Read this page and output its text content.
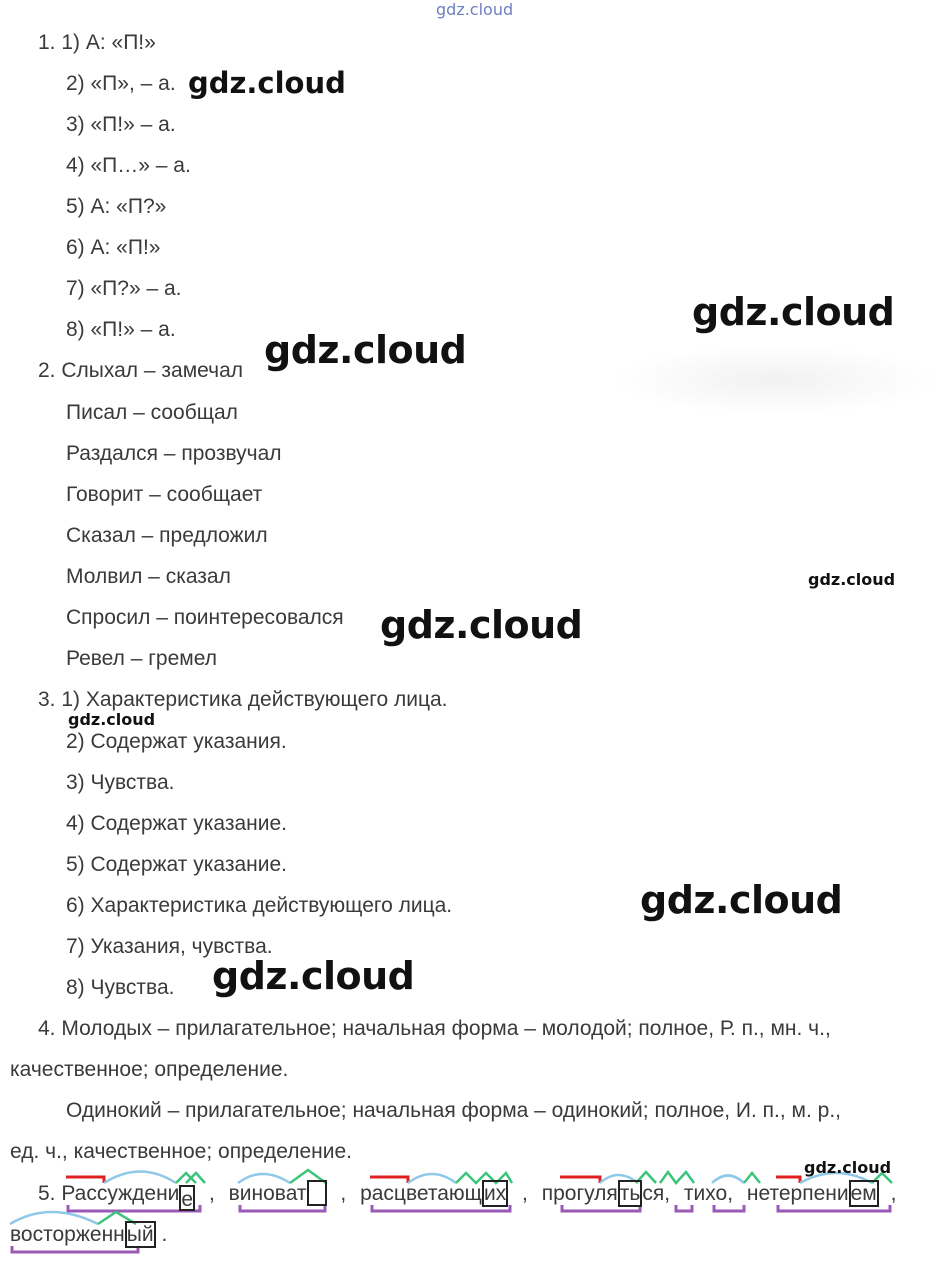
gdz.cloud
1. 1) А: «П!»
2) «П», – а.
3) «П!» – а.
4) «П…» – а.
5) А: «П?»
6) А: «П!»
7) «П?» – а.
8) «П!» – а.
2. Слыхал – замечал
Писал – сообщал
Раздался – прозвучал
Говорит – сообщает
Сказал – предложил
Молвил – сказал
Спросил – поинтересовался
Ревел – гремел
3. 1) Характеристика действующего лица.
2) Содержат указания.
3) Чувства.
4) Содержат указание.
5) Содержат указание.
6) Характеристика действующего лица.
7) Указания, чувства.
8) Чувства.
4. Молодых – прилагательное; начальная форма – молодой; полное, Р. п., мн. ч.,
качественное; определение.
Одинокий – прилагательное; начальная форма – одинокий; полное, И. п., м. р.,
ед. ч., качественное; определение.
5. Рассуждение , виноват , расцветающих , прогуляться, тихо, нетерпением ,
восторженный .
gdz.cloud
gdz.cloud
gdz.cloud
gdz.cloud
gdz.cloud
gdz.cloud
gdz.cloud
gdz.cloud
gdz.cloud
